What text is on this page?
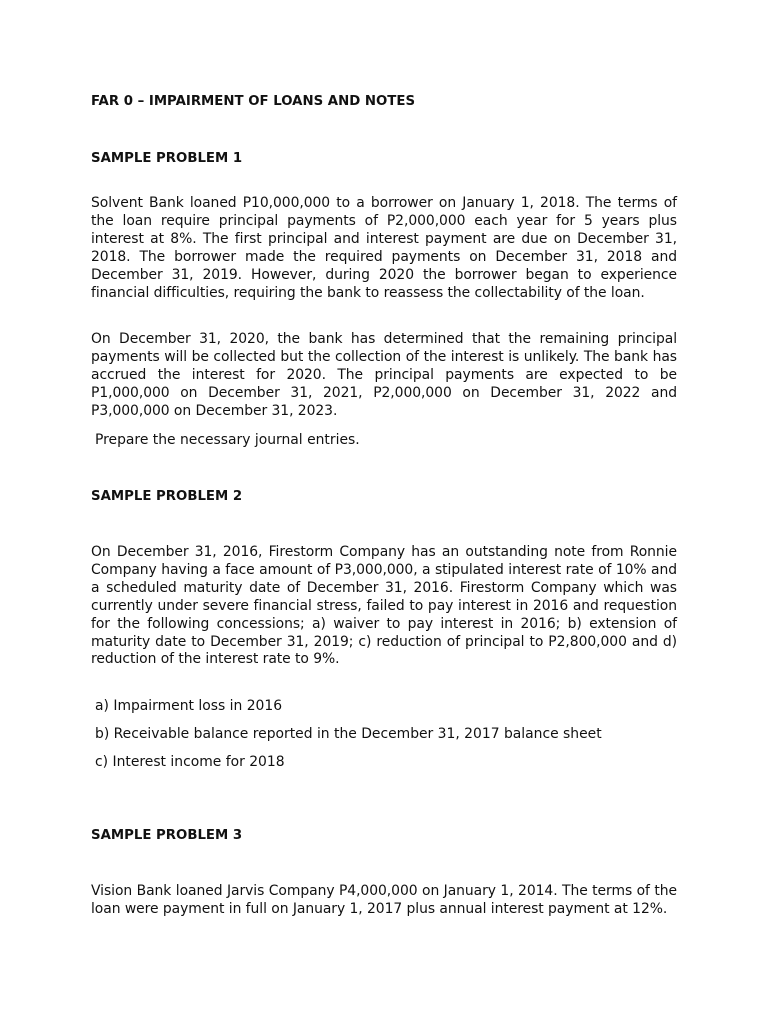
FAR 0 – IMPAIRMENT OF LOANS AND NOTES
SAMPLE PROBLEM 1

Solvent Bank loaned P10,000,000 to a borrower on January 1, 2018. The terms of the loan require principal payments of P2,000,000 each year for 5 years plus interest at 8%. The first principal and interest payment are due on December 31, 2018. The borrower made the required payments on December 31, 2018 and December 31, 2019. However, during 2020 the borrower began to experience financial difficulties, requiring the bank to reassess the collectability of the loan.

On December 31, 2020, the bank has determined that the remaining principal payments will be collected but the collection of the interest is unlikely. The bank has accrued the interest for 2020. The principal payments are expected to be P1,000,000 on December 31, 2021, P2,000,000 on December 31, 2022 and P3,000,000 on December 31, 2023.

Prepare the necessary journal entries.

SAMPLE PROBLEM 2

On December 31, 2016, Firestorm Company has an outstanding note from Ronnie Company having a face amount of P3,000,000, a stipulated interest rate of 10% and a scheduled maturity date of December 31, 2016. Firestorm Company which was currently under severe financial stress, failed to pay interest in 2016 and requestion for the following concessions; a) waiver to pay interest in 2016; b) extension of maturity date to December 31, 2019; c) reduction of principal to P2,800,000 and d) reduction of the interest rate to 9%.

a) Impairment loss in 2016

b) Receivable balance reported in the December 31, 2017 balance sheet

c) Interest income for 2018

SAMPLE PROBLEM 3

Vision Bank loaned Jarvis Company P4,000,000 on January 1, 2014. The terms of the loan were payment in full on January 1, 2017 plus annual interest payment at 12%.
